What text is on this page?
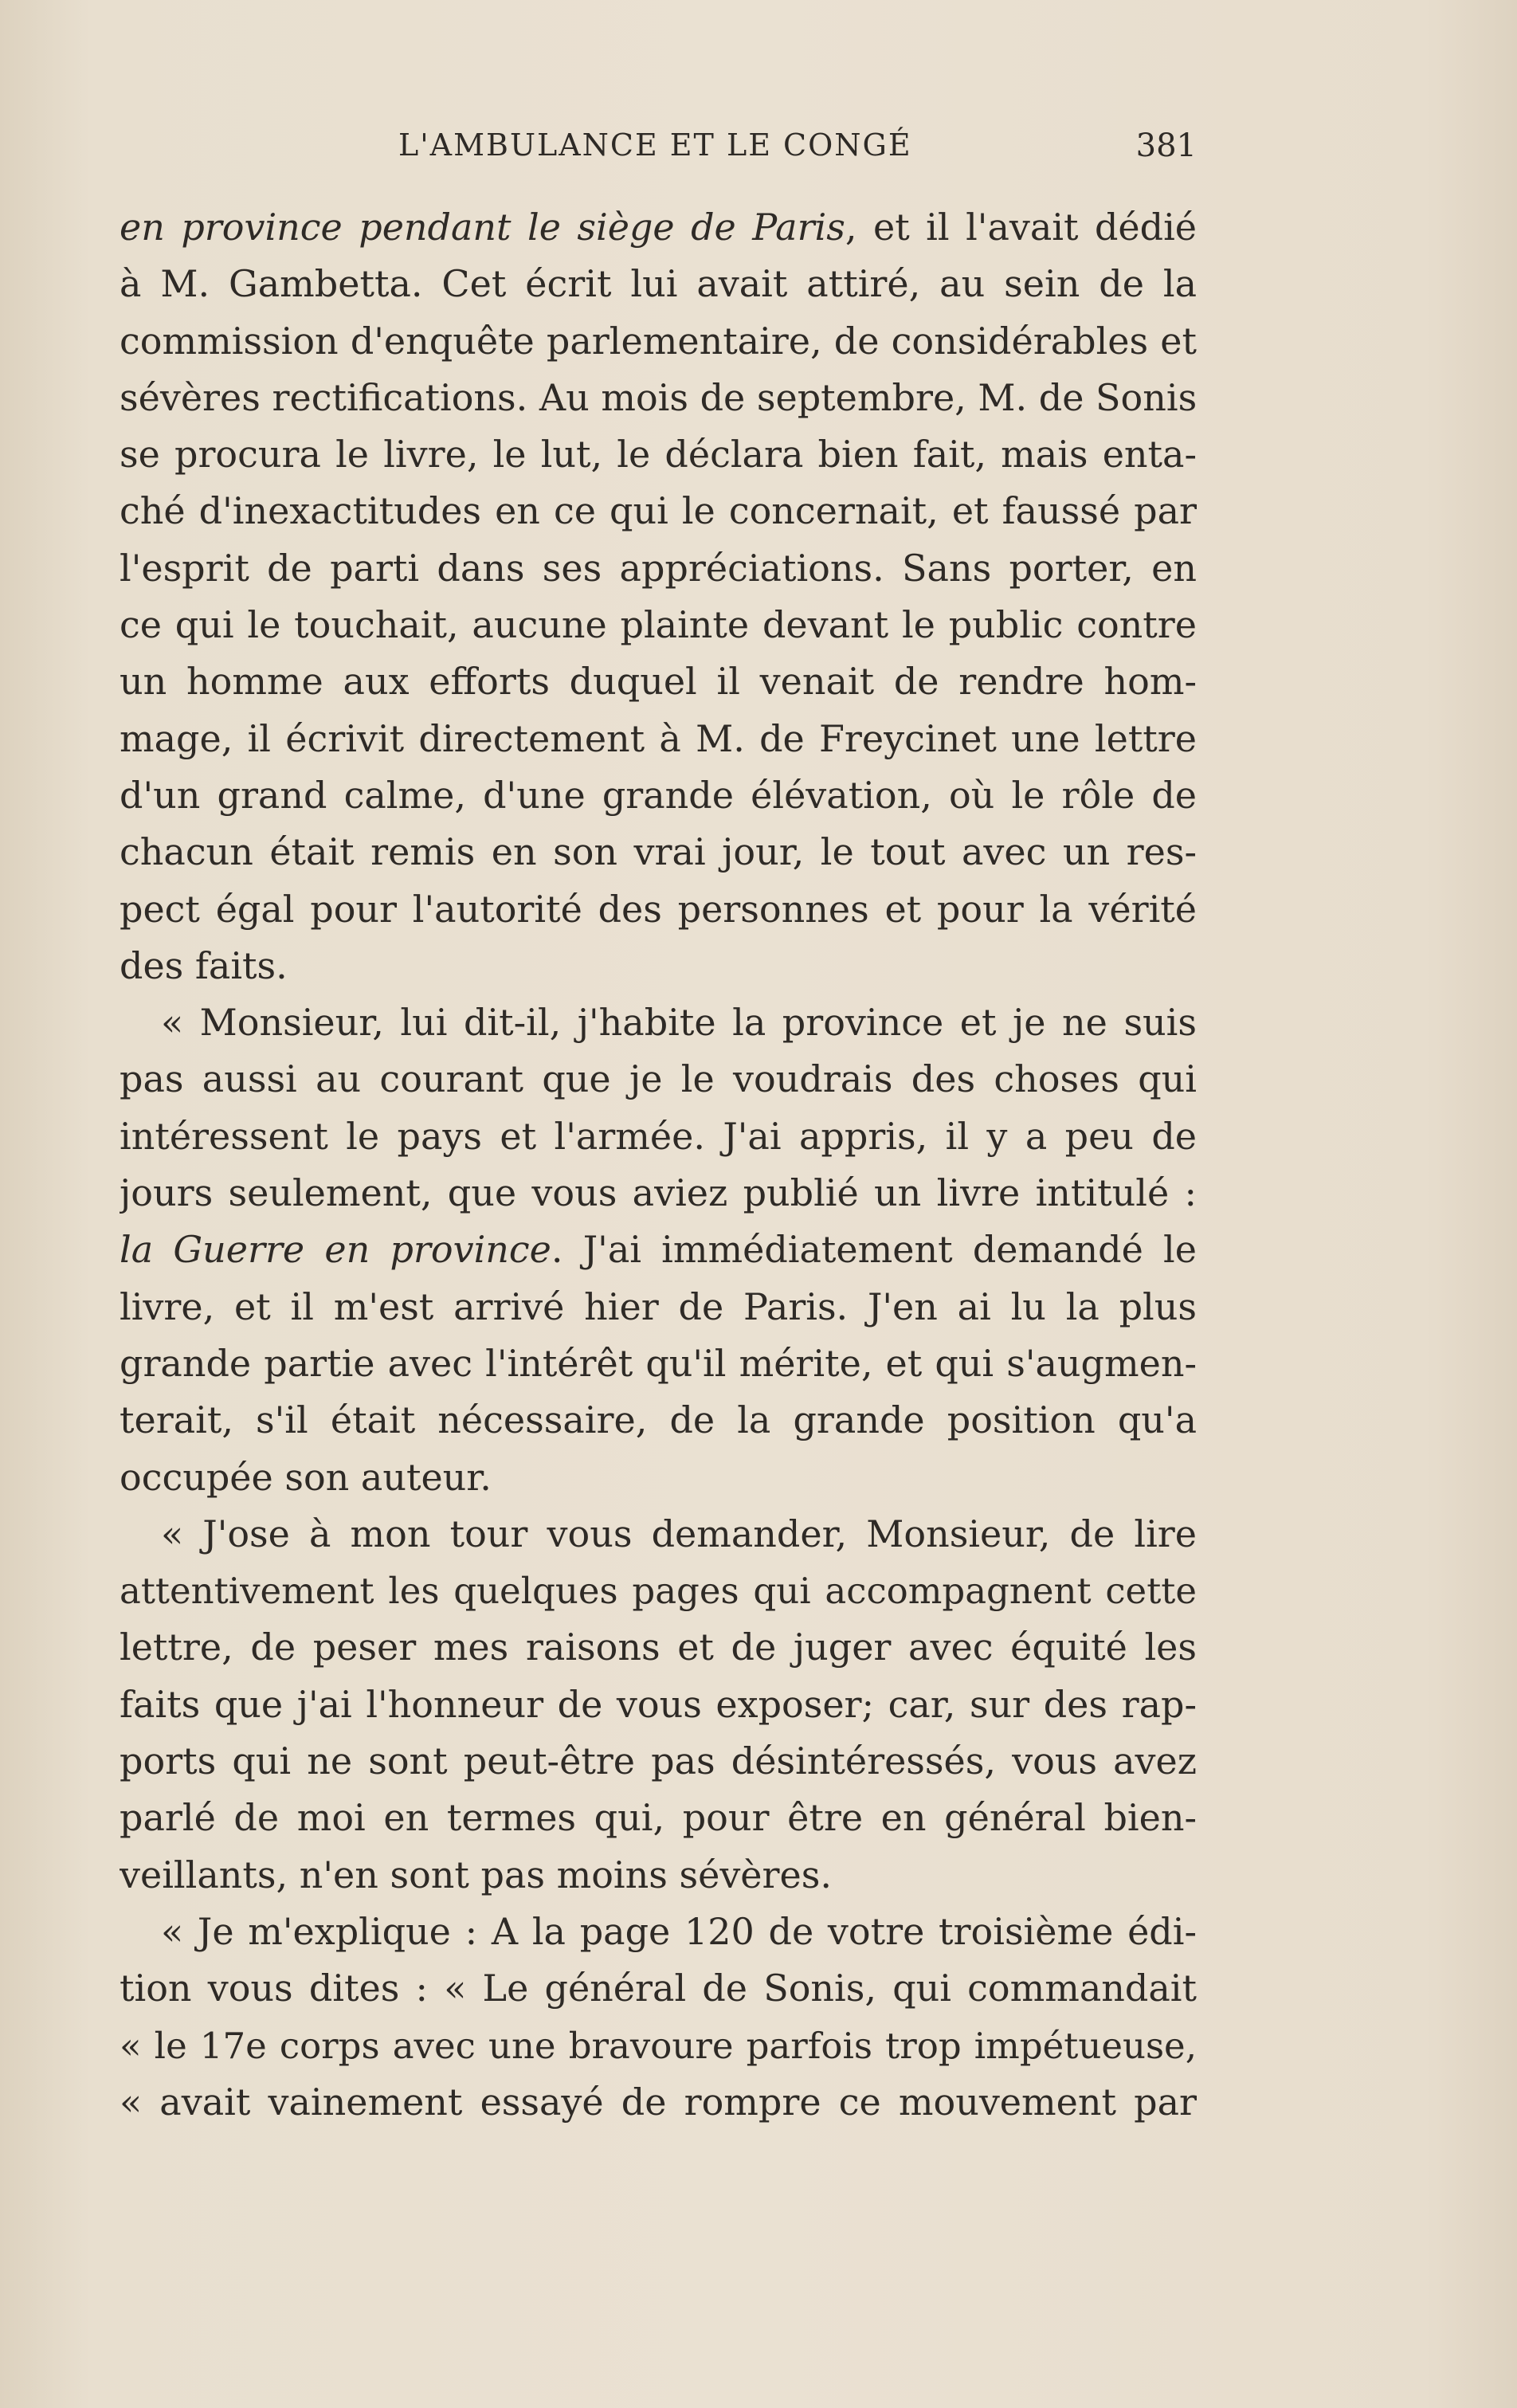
L'AMBULANCE ET LE CONGÉ	381
en province pendant le siège de Paris, et il l'avait dédié
à M. Gambetta. Cet écrit lui avait attiré, au sein de la
commission d'enquête parlementaire, de considérables et
sévères rectifications. Au mois de septembre, M. de Sonis
se procura le livre, le lut, le déclara bien fait, mais enta-
ché d'inexactitudes en ce qui le concernait, et faussé par
l'esprit de parti dans ses appréciations. Sans porter, en
ce qui le touchait, aucune plainte devant le public contre
un homme aux efforts duquel il venait de rendre hom-
mage, il écrivit directement à M. de Freycinet une lettre
d'un grand calme, d'une grande élévation, où le rôle de
chacun était remis en son vrai jour, le tout avec un res-
pect égal pour l'autorité des personnes et pour la vérité
des faits.
« Monsieur, lui dit-il, j'habite la province et je ne suis
pas aussi au courant que je le voudrais des choses qui
intéressent le pays et l'armée. J'ai appris, il y a peu de
jours seulement, que vous aviez publié un livre intitulé :
la Guerre en province. J'ai immédiatement demandé le
livre, et il m'est arrivé hier de Paris. J'en ai lu la plus
grande partie avec l'intérêt qu'il mérite, et qui s'augmen-
terait, s'il était nécessaire, de la grande position qu'a
occupée son auteur.
« J'ose à mon tour vous demander, Monsieur, de lire
attentivement les quelques pages qui accompagnent cette
lettre, de peser mes raisons et de juger avec équité les
faits que j'ai l'honneur de vous exposer; car, sur des rap-
ports qui ne sont peut-être pas désintéressés, vous avez
parlé de moi en termes qui, pour être en général bien-
veillants, n'en sont pas moins sévères.
« Je m'explique : A la page 120 de votre troisième édi-
tion vous dites : « Le général de Sonis, qui commandait
« le 17e corps avec une bravoure parfois trop impétueuse,
« avait vainement essayé de rompre ce mouvement par
